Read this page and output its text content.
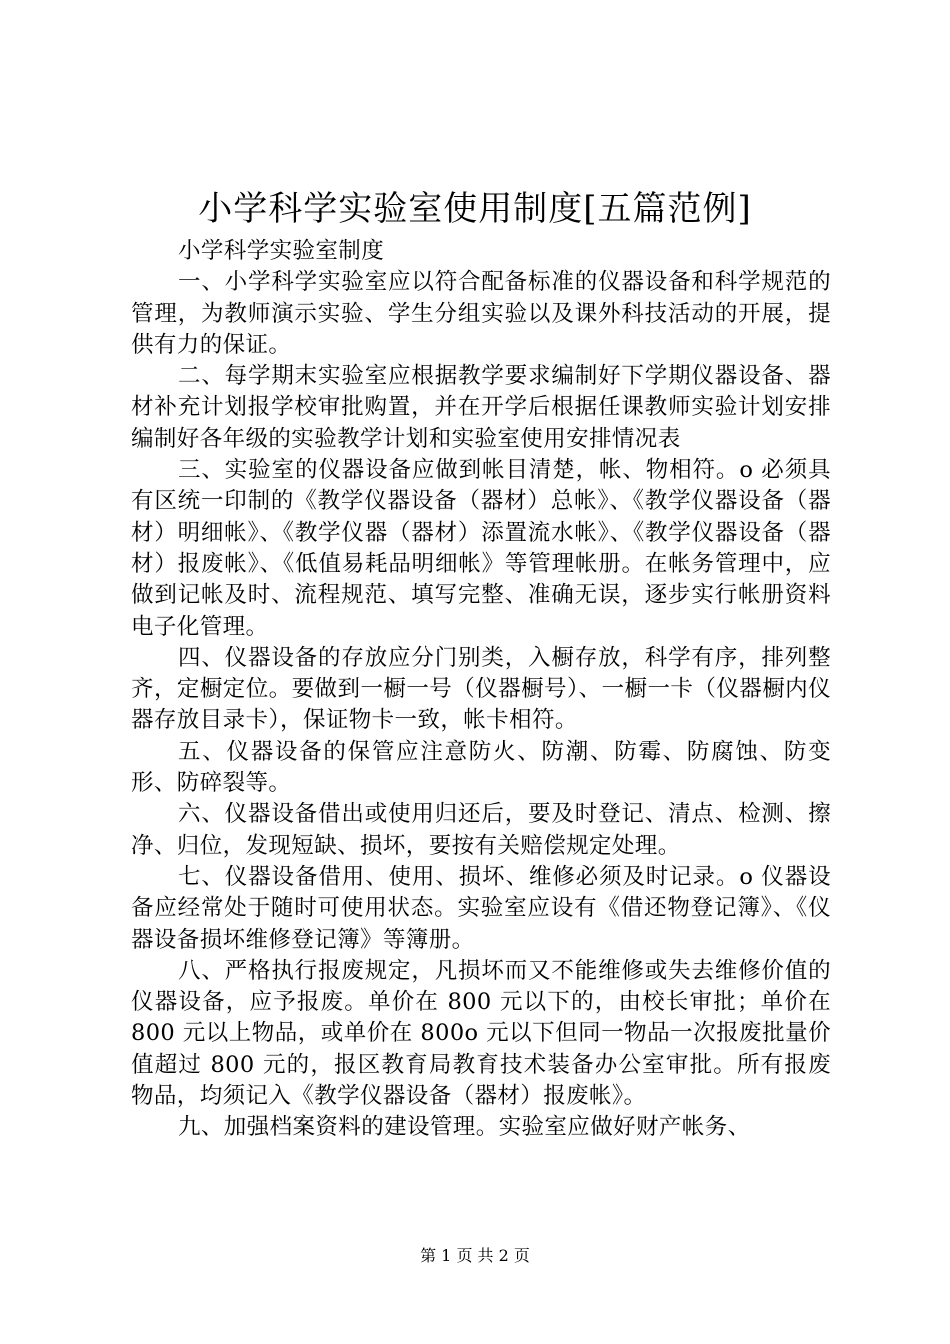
小学科学实验室使用制度[五篇范例]

小学科学实验室制度

一、小学科学实验室应以符合配备标准的仪器设备和科学规范的管理，为教师演示实验、学生分组实验以及课外科技活动的开展，提供有力的保证。

二、每学期末实验室应根据教学要求编制好下学期仪器设备、器材补充计划报学校审批购置，并在开学后根据任课教师实验计划安排编制好各年级的实验教学计划和实验室使用安排情况表

三、实验室的仪器设备应做到帐目清楚，帐、物相符。o 必须具有区统一印制的《教学仪器设备（器材）总帐》、《教学仪器设备（器材）明细帐》、《教学仪器（器材）添置流水帐》、《教学仪器设备（器材）报废帐》、《低值易耗品明细帐》等管理帐册。在帐务管理中，应做到记帐及时、流程规范、填写完整、准确无误，逐步实行帐册资料电子化管理。

四、仪器设备的存放应分门别类，入橱存放，科学有序，排列整齐，定橱定位。要做到一橱一号（仪器橱号）、一橱一卡（仪器橱内仪器存放目录卡），保证物卡一致，帐卡相符。

五、仪器设备的保管应注意防火、防潮、防霉、防腐蚀、防变形、防碎裂等。

六、仪器设备借出或使用归还后，要及时登记、清点、检测、擦净、归位，发现短缺、损坏，要按有关赔偿规定处理。

七、仪器设备借用、使用、损坏、维修必须及时记录。o 仪器设备应经常处于随时可使用状态。实验室应设有《借还物登记簿》、《仪器设备损坏维修登记簿》等簿册。

八、严格执行报废规定，凡损坏而又不能维修或失去维修价值的仪器设备，应予报废。单价在 800 元以下的，由校长审批；单价在 800 元以上物品，或单价在 800o 元以下但同一物品一次报废批量价值超过 800 元的，报区教育局教育技术装备办公室审批。所有报废物品，均须记入《教学仪器设备（器材）报废帐》。

九、加强档案资料的建设管理。实验室应做好财产帐务、

第 1 页 共 2 页
